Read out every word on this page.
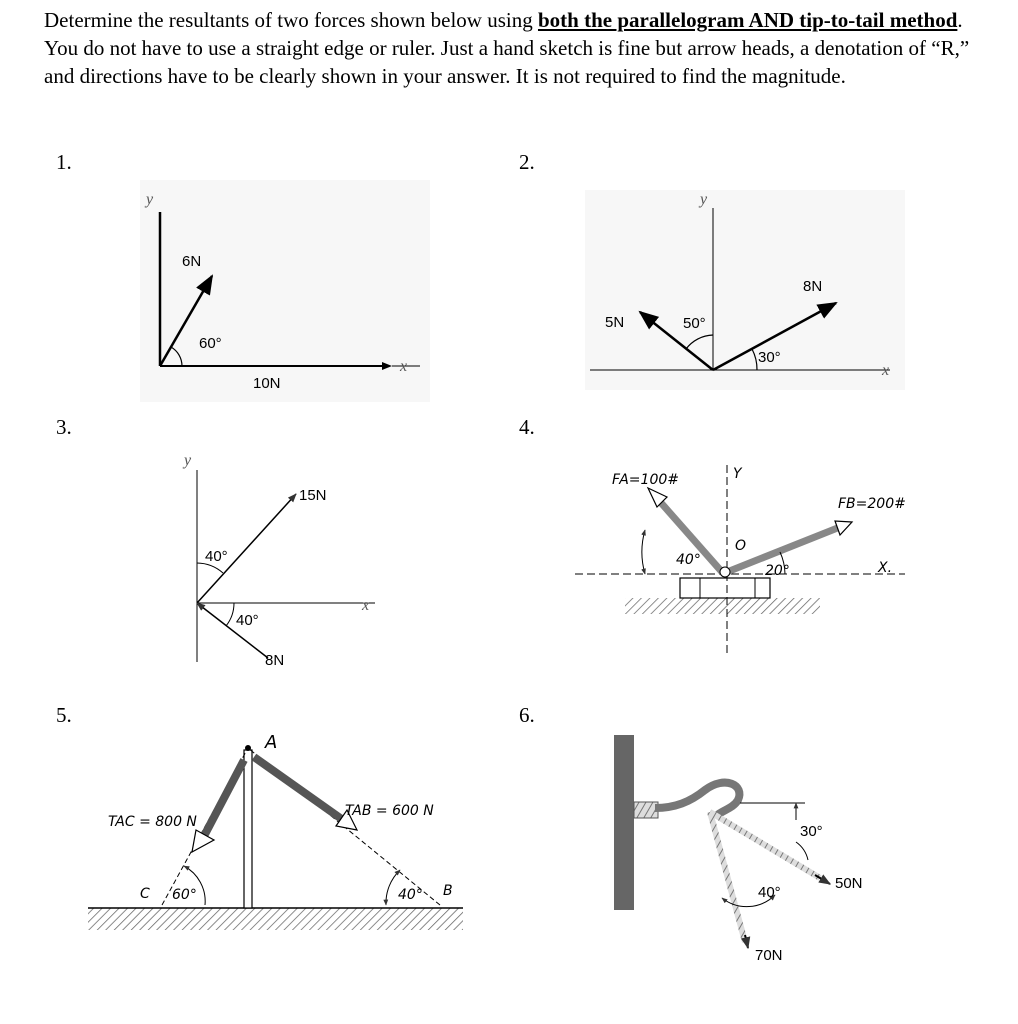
Determine the resultants of two forces shown below using both the parallelogram AND tip-to-tail method. You do not have to use a straight edge or ruler. Just a hand sketch is fine but arrow heads, a denotation of “R,” and directions have to be clearly shown in your answer. It is not required to find the magnitude.
1.	2.
3.	4.
5.	6.
y
x
6N
10N
60°
y
x
5N
8N
50°
30°
y
x
15N
8N
40°
40°
Y
X.
FA=100#
FB=200#
40°
20°
O
A
B
C
TAC = 800 N
TAB = 600 N
60°	40°
50N
70N
30°
40°
